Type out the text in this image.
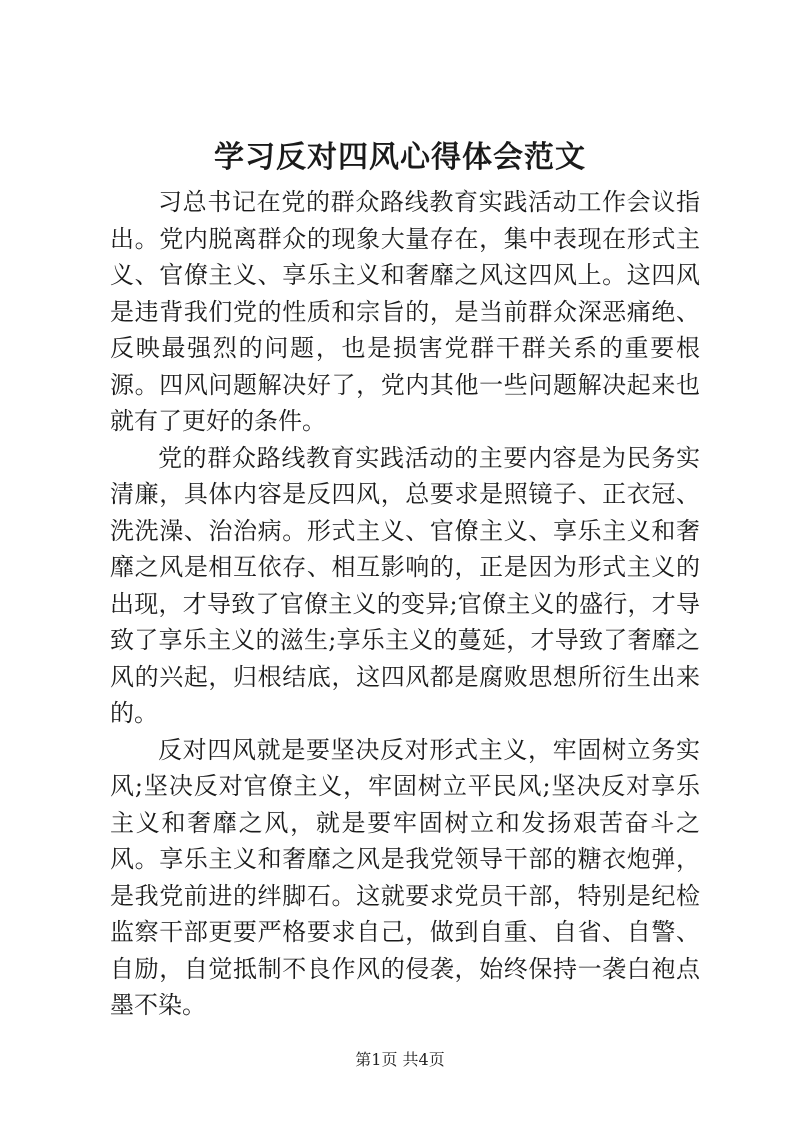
学习反对四风心得体会范文

习总书记在党的群众路线教育实践活动工作会议指出。党内脱离群众的现象大量存在，集中表现在形式主义、官僚主义、享乐主义和奢靡之风这四风上。这四风是违背我们党的性质和宗旨的，是当前群众深恶痛绝、反映最强烈的问题，也是损害党群干群关系的重要根源。四风问题解决好了，党内其他一些问题解决起来也就有了更好的条件。

党的群众路线教育实践活动的主要内容是为民务实清廉，具体内容是反四风，总要求是照镜子、正衣冠、洗洗澡、治治病。形式主义、官僚主义、享乐主义和奢靡之风是相互依存、相互影响的，正是因为形式主义的出现，才导致了官僚主义的变异;官僚主义的盛行，才导致了享乐主义的滋生;享乐主义的蔓延，才导致了奢靡之风的兴起，归根结底，这四风都是腐败思想所衍生出来的。

反对四风就是要坚决反对形式主义，牢固树立务实风;坚决反对官僚主义，牢固树立平民风;坚决反对享乐主义和奢靡之风，就是要牢固树立和发扬艰苦奋斗之风。享乐主义和奢靡之风是我党领导干部的糖衣炮弹，是我党前进的绊脚石。这就要求党员干部，特别是纪检监察干部更要严格要求自己，做到自重、自省、自警、自励，自觉抵制不良作风的侵袭，始终保持一袭白袍点墨不染。

第1页 共4页
